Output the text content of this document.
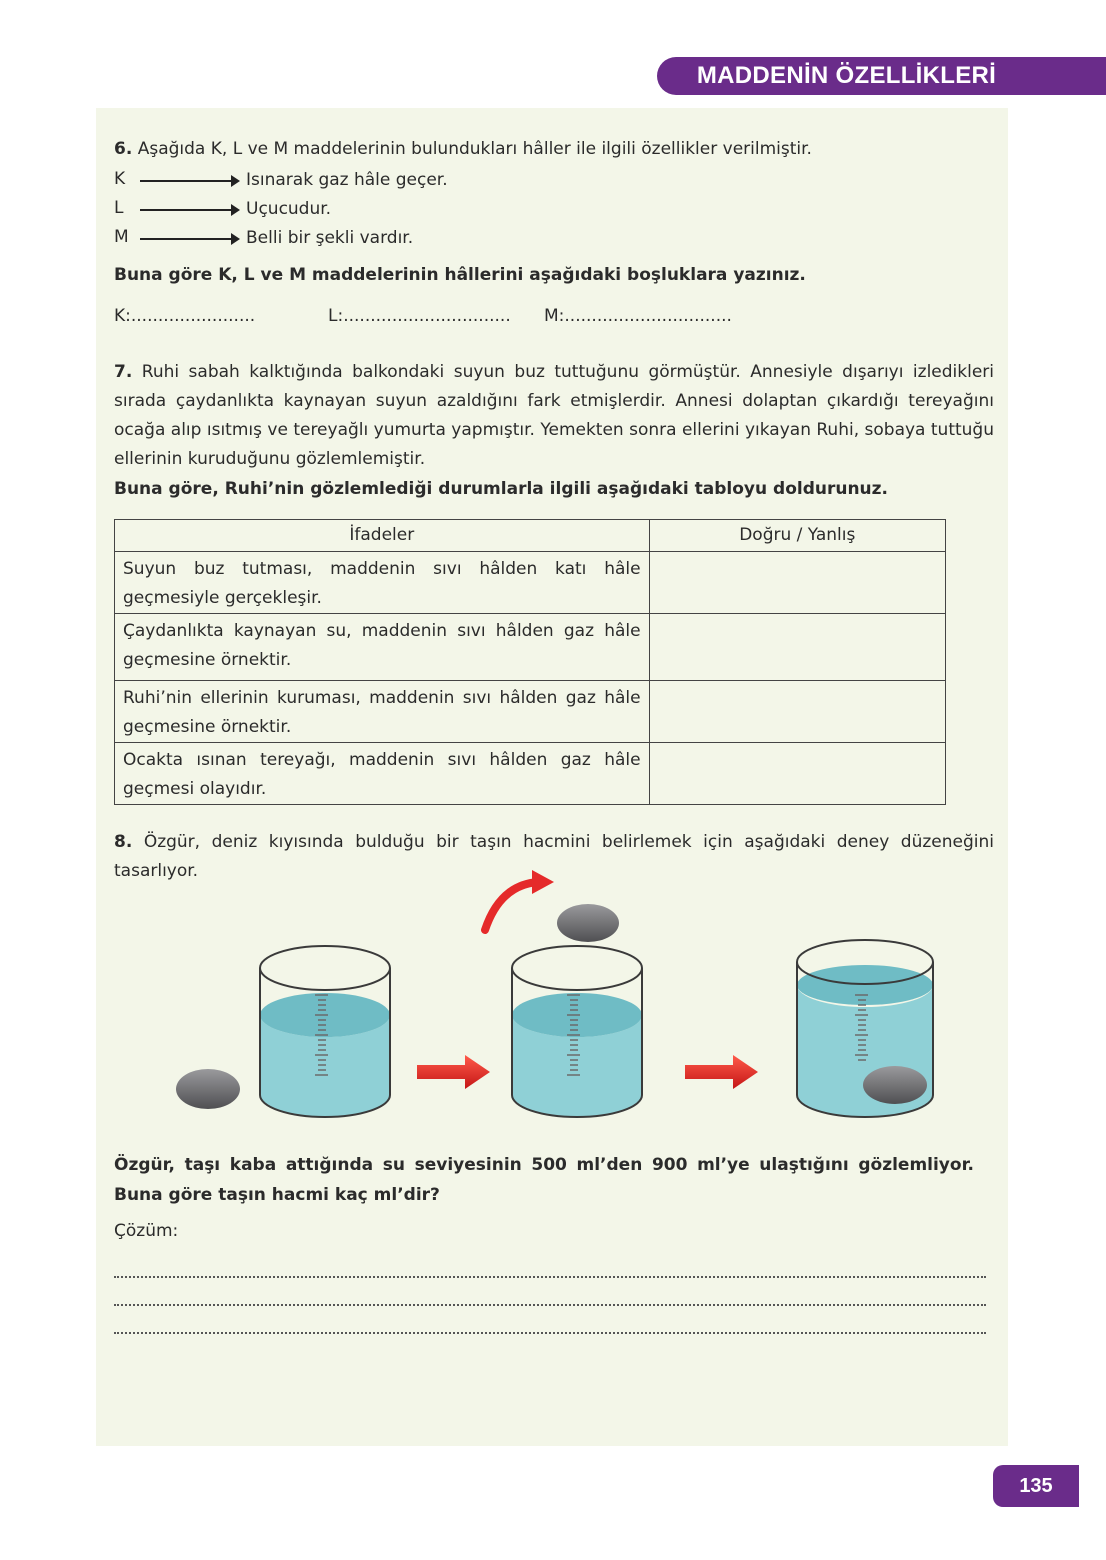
MADDENİN ÖZELLİKLERİ
6. Aşağıda K, L ve M maddelerinin bulundukları hâller ile ilgili özellikler verilmiştir.
K	Isınarak gaz hâle geçer.
L	Uçucudur.
M	Belli bir şekli vardır.
Buna göre K, L ve M maddelerinin hâllerini aşağıdaki boşluklara yazınız.
K:.......................	L:............................... M:...............................
7. Ruhi sabah kalktığında balkondaki suyun buz tuttuğunu görmüştür. Annesiyle dışarıyı izledikleri sırada çaydanlıkta kaynayan suyun azaldığını fark etmişlerdir. Annesi dolaptan çıkardığı tereyağını ocağa alıp ısıtmış ve tereyağlı yumurta yapmıştır. Yemekten sonra ellerini yıkayan Ruhi, sobaya tuttuğu ellerinin kuruduğunu gözlemlemiştir.
Buna göre, Ruhi’nin gözlemlediği durumlarla ilgili aşağıdaki tabloyu doldurunuz.
İfadeler	Doğru / Yanlış
Suyun buz tutması, maddenin sıvı hâlden katı hâle geçmesiyle gerçekleşir.	
Çaydanlıkta kaynayan su, maddenin sıvı hâlden gaz hâle geçmesine örnektir.	
Ruhi’nin ellerinin kuruması, maddenin sıvı hâlden gaz hâle geçmesine örnektir.	
Ocakta ısınan tereyağı, maddenin sıvı hâlden gaz hâle geçmesi olayıdır.	
8. Özgür, deniz kıyısında bulduğu bir taşın hacmini belirlemek için aşağıdaki deney düzeneğini tasarlıyor.
Özgür, taşı kaba attığında su seviyesinin 500 ml’den 900 ml’ye ulaştığını gözlemliyor. Buna göre taşın hacmi kaç ml’dir?
Çözüm:
135
